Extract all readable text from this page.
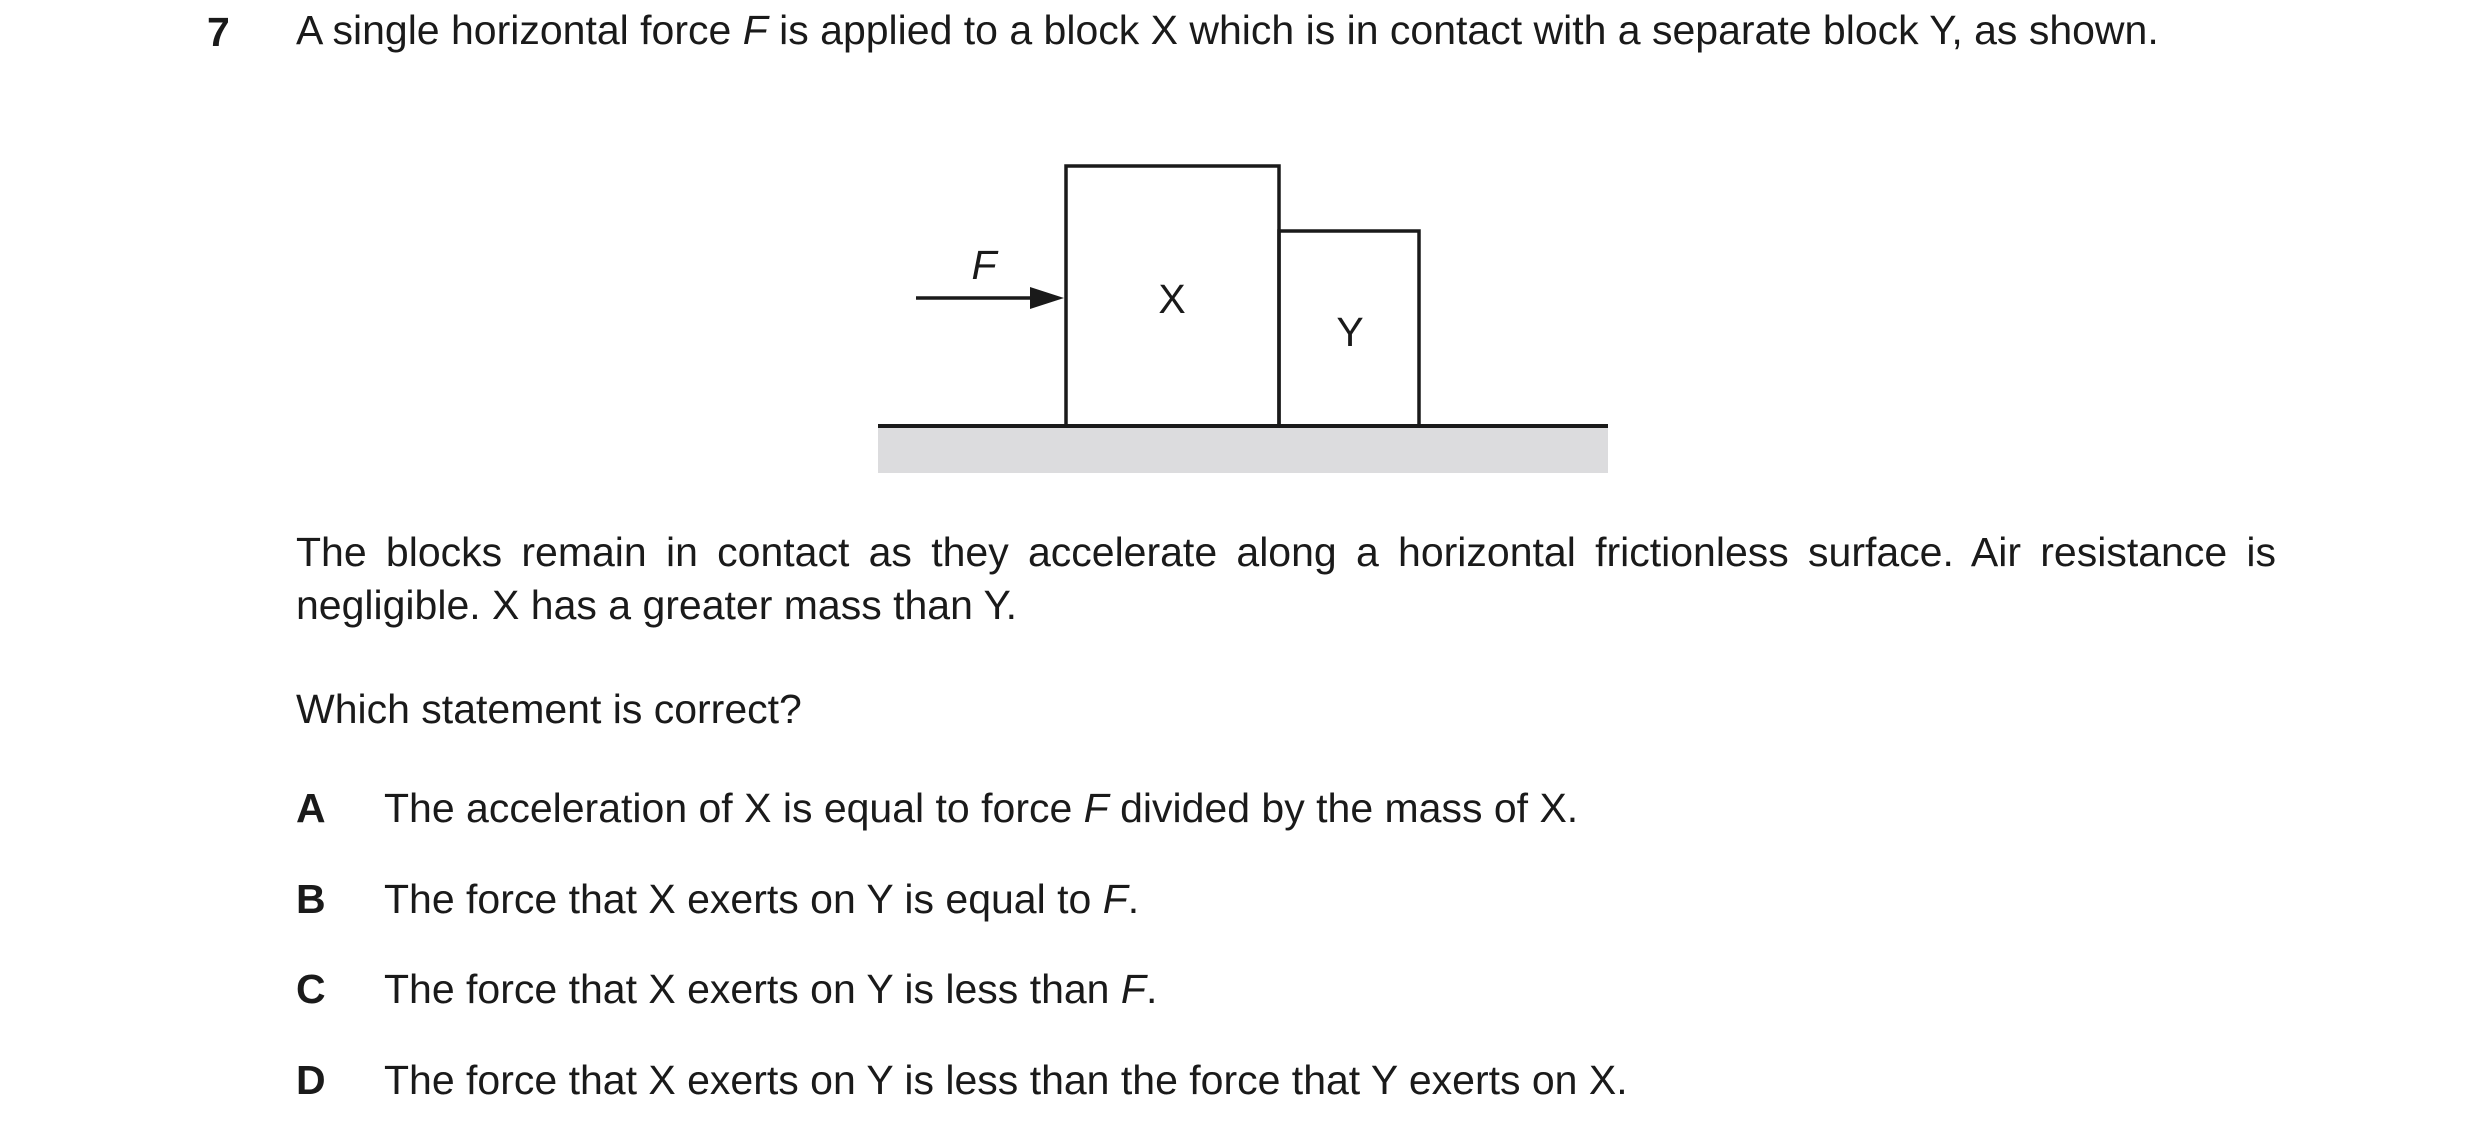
7 A single horizontal force F is applied to a block X which is in contact with a separate block Y, as shown.
F
X
Y
The blocks remain in contact as they accelerate along a horizontal frictionless surface. Air resistance is negligible. X has a greater mass than Y.
Which statement is correct?
A The acceleration of X is equal to force F divided by the mass of X.
B The force that X exerts on Y is equal to F.
C The force that X exerts on Y is less than F.
D The force that X exerts on Y is less than the force that Y exerts on X.
